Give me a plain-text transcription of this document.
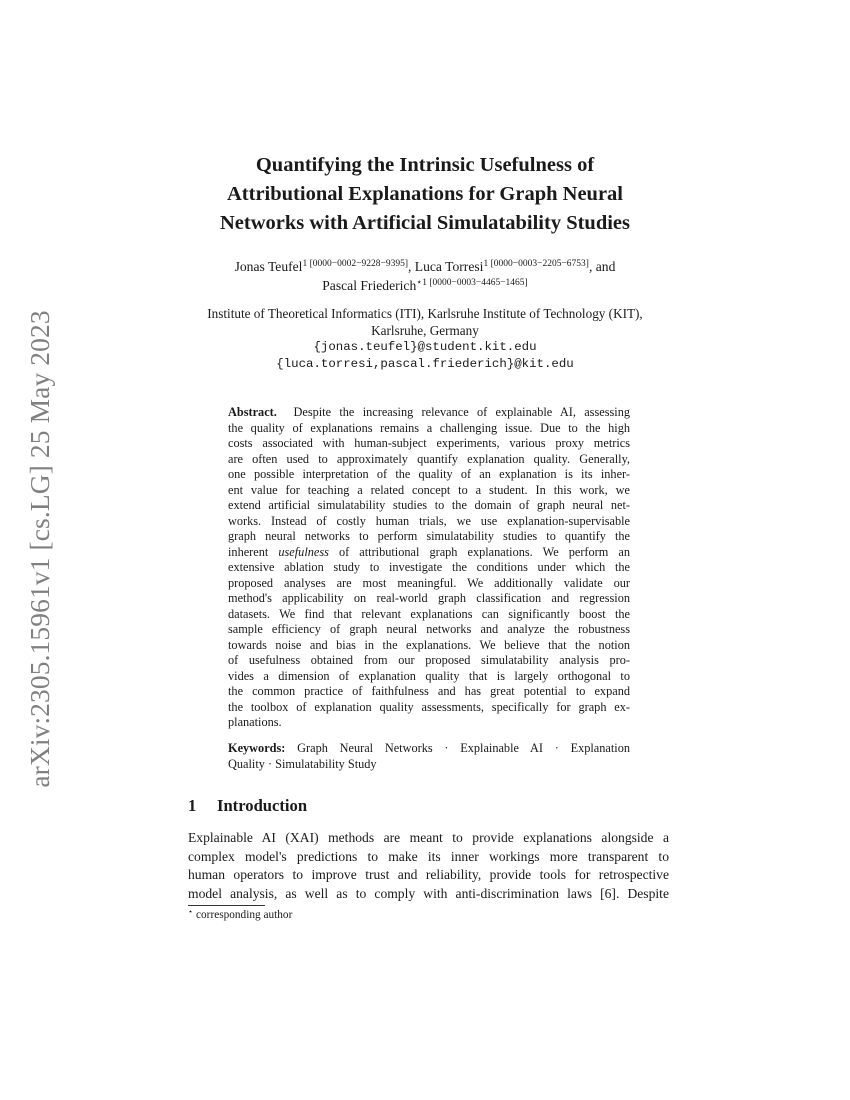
arXiv:2305.15961v1 [cs.LG] 25 May 2023
Quantifying the Intrinsic Usefulness of
Attributional Explanations for Graph Neural
Networks with Artificial Simulatability Studies
Jonas Teufel$^{1 [0000-0002-9228-9395]}$, Luca Torresi$^{1 [0000-0003-2205-6753]}$, and
Pascal Friederich$^{⋆1 [0000-0003-4465-1465]}$
Institute of Theoretical Informatics (ITI), Karlsruhe Institute of Technology (KIT),
Karlsruhe, Germany
{jonas.teufel}@student.kit.edu
{luca.torresi,pascal.friederich}@kit.edu
Abstract. Despite the increasing relevance of explainable AI, assessing
the quality of explanations remains a challenging issue. Due to the high
costs associated with human-subject experiments, various proxy metrics
are often used to approximately quantify explanation quality. Generally,
one possible interpretation of the quality of an explanation is its inher-
ent value for teaching a related concept to a student. In this work, we
extend artificial simulatability studies to the domain of graph neural net-
works. Instead of costly human trials, we use explanation-supervisable
graph neural networks to perform simulatability studies to quantify the
inherent usefulness of attributional graph explanations. We perform an
extensive ablation study to investigate the conditions under which the
proposed analyses are most meaningful. We additionally validate our
method's applicability on real-world graph classification and regression
datasets. We find that relevant explanations can significantly boost the
sample efficiency of graph neural networks and analyze the robustness
towards noise and bias in the explanations. We believe that the notion
of usefulness obtained from our proposed simulatability analysis pro-
vides a dimension of explanation quality that is largely orthogonal to
the common practice of faithfulness and has great potential to expand
the toolbox of explanation quality assessments, specifically for graph ex-
planations.
Keywords: Graph Neural Networks · Explainable AI · Explanation
Quality · Simulatability Study
1 Introduction
Explainable AI (XAI) methods are meant to provide explanations alongside a
complex model's predictions to make its inner workings more transparent to
human operators to improve trust and reliability, provide tools for retrospective
model analysis, as well as to comply with anti-discrimination laws [6]. Despite
⋆ corresponding author
